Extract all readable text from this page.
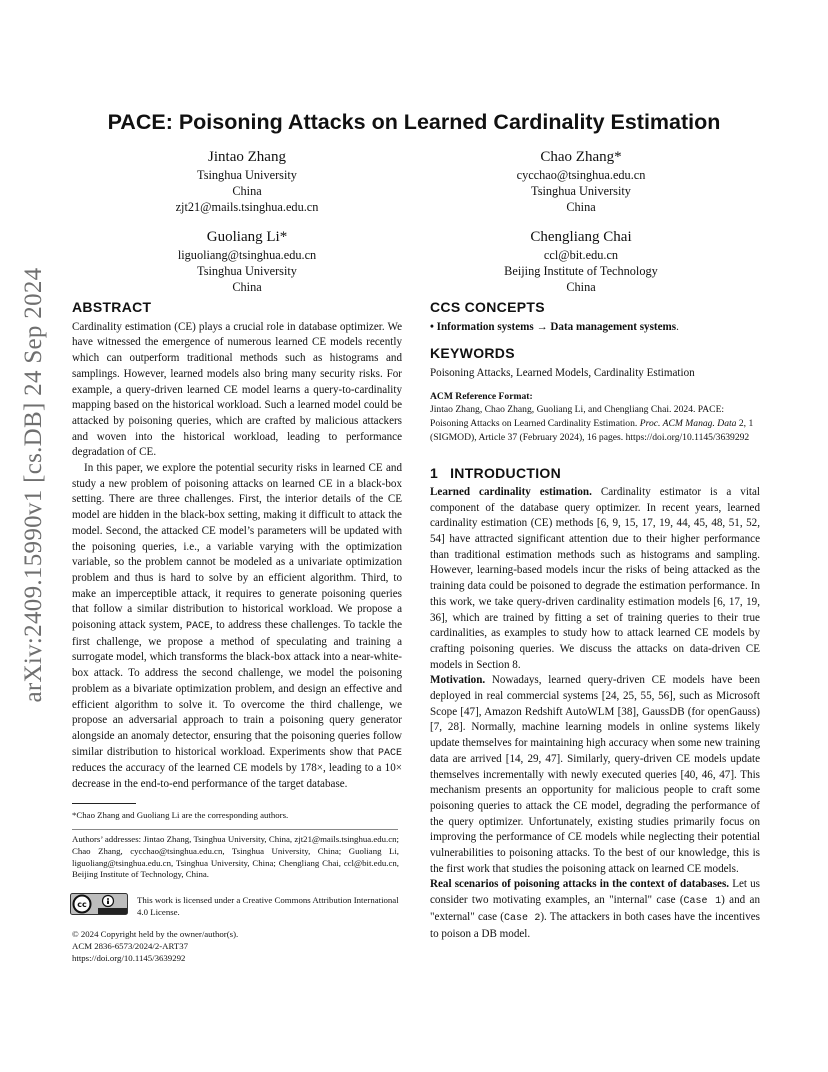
arXiv:2409.15990v1 [cs.DB] 24 Sep 2024
PACE: Poisoning Attacks on Learned Cardinality Estimation
Jintao Zhang
Tsinghua University
China
zjt21@mails.tsinghua.edu.cn
Chao Zhang*
cycchao@tsinghua.edu.cn
Tsinghua University
China
Guoliang Li*
liguoliang@tsinghua.edu.cn
Tsinghua University
China
Chengliang Chai
ccl@bit.edu.cn
Beijing Institute of Technology
China
ABSTRACT

Cardinality estimation (CE) plays a crucial role in database optimizer. We have witnessed the emergence of numerous learned CE models recently which can outperform traditional methods such as histograms and samplings. However, learned models also bring many security risks. For example, a query-driven learned CE model learns a query-to-cardinality mapping based on the historical workload. Such a learned model could be attacked by poisoning queries, which are crafted by malicious attackers and woven into the historical workload, leading to performance degradation of CE.

In this paper, we explore the potential security risks in learned CE and study a new problem of poisoning attacks on learned CE in a black-box setting. There are three challenges. First, the interior details of the CE model are hidden in the black-box setting, making it difficult to attack the model. Second, the attacked CE model’s parameters will be updated with the poisoning queries, i.e., a variable varying with the optimization variable, so the problem cannot be modeled as a univariate optimization problem and thus is hard to solve by an efficient algorithm. Third, to make an imperceptible attack, it requires to generate poisoning queries that follow a similar distribution to historical workload. We propose a poisoning attack system, PACE, to address these challenges. To tackle the first challenge, we propose a method of speculating and training a surrogate model, which transforms the black-box attack into a near-white-box attack. To address the second challenge, we model the poisoning problem as a bivariate optimization problem, and design an effective and efficient algorithm to solve it. To overcome the third challenge, we propose an adversarial approach to train a poisoning query generator alongside an anomaly detector, ensuring that the poisoning queries follow similar distribution to historical workload. Experiments show that PACE reduces the accuracy of the learned CE models by 178×, leading to a 10× decrease in the end-to-end performance of the target database.

*Chao Zhang and Guoliang Li are the corresponding authors.
Authors’ addresses: Jintao Zhang, Tsinghua University, China, zjt21@mails.tsinghua.edu.cn; Chao Zhang, cycchao@tsinghua.edu.cn, Tsinghua University, China; Guoliang Li, liguoliang@tsinghua.edu.cn, Tsinghua University, China; Chengliang Chai, ccl@bit.edu.cn, Beijing Institute of Technology, China.
cc	This work is licensed under a Creative Commons Attribution International 4.0 License.
© 2024 Copyright held by the owner/author(s).
ACM 2836-6573/2024/2-ART37
https://doi.org/10.1145/3639292
CCS CONCEPTS

• Information systems → Data management systems.

KEYWORDS

Poisoning Attacks, Learned Models, Cardinality Estimation

ACM Reference Format:
Jintao Zhang, Chao Zhang, Guoliang Li, and Chengliang Chai. 2024. PACE: Poisoning Attacks on Learned Cardinality Estimation. Proc. ACM Manag. Data 2, 1 (SIGMOD), Article 37 (February 2024), 16 pages. https://doi.org/10.1145/3639292
1 INTRODUCTION

Learned cardinality estimation. Cardinality estimator is a vital component of the database query optimizer. In recent years, learned cardinality estimation (CE) methods [6, 9, 15, 17, 19, 44, 45, 48, 51, 52, 54] have attracted significant attention due to their higher performance than traditional estimation methods such as histograms and sampling. However, learning-based models incur the risks of being attacked as the training data could be poisoned to degrade the estimation performance. In this work, we take query-driven cardinality estimation models [6, 17, 19, 36], which are trained by fitting a set of training queries to their true cardinalities, as examples to study how to attack learned CE models by crafting poisoning queries. We discuss the attacks on data-driven CE models in Section 8.

Motivation. Nowadays, learned query-driven CE models have been deployed in real commercial systems [24, 25, 55, 56], such as Microsoft Scope [47], Amazon Redshift AutoWLM [38], GaussDB (for openGauss) [7, 28]. Normally, machine learning models in online systems likely update themselves for maintaining high accuracy when some new training data are arrived [14, 29, 47]. Similarly, query-driven CE models update themselves incrementally with newly executed queries [40, 46, 47]. This mechanism presents an opportunity for malicious people to craft some poisoning queries to attack the CE model, degrading the performance of the query optimizer. Unfortunately, existing studies primarily focus on improving the performance of CE models while neglecting their potential vulnerabilities to poisoning attacks. To the best of our knowledge, this is the first work that studies the poisoning attack on learned CE models.

Real scenarios of poisoning attacks in the context of databases. Let us consider two motivating examples, an "internal" case (Case 1) and an "external" case (Case 2). The attackers in both cases have the incentives to poison a DB model.
